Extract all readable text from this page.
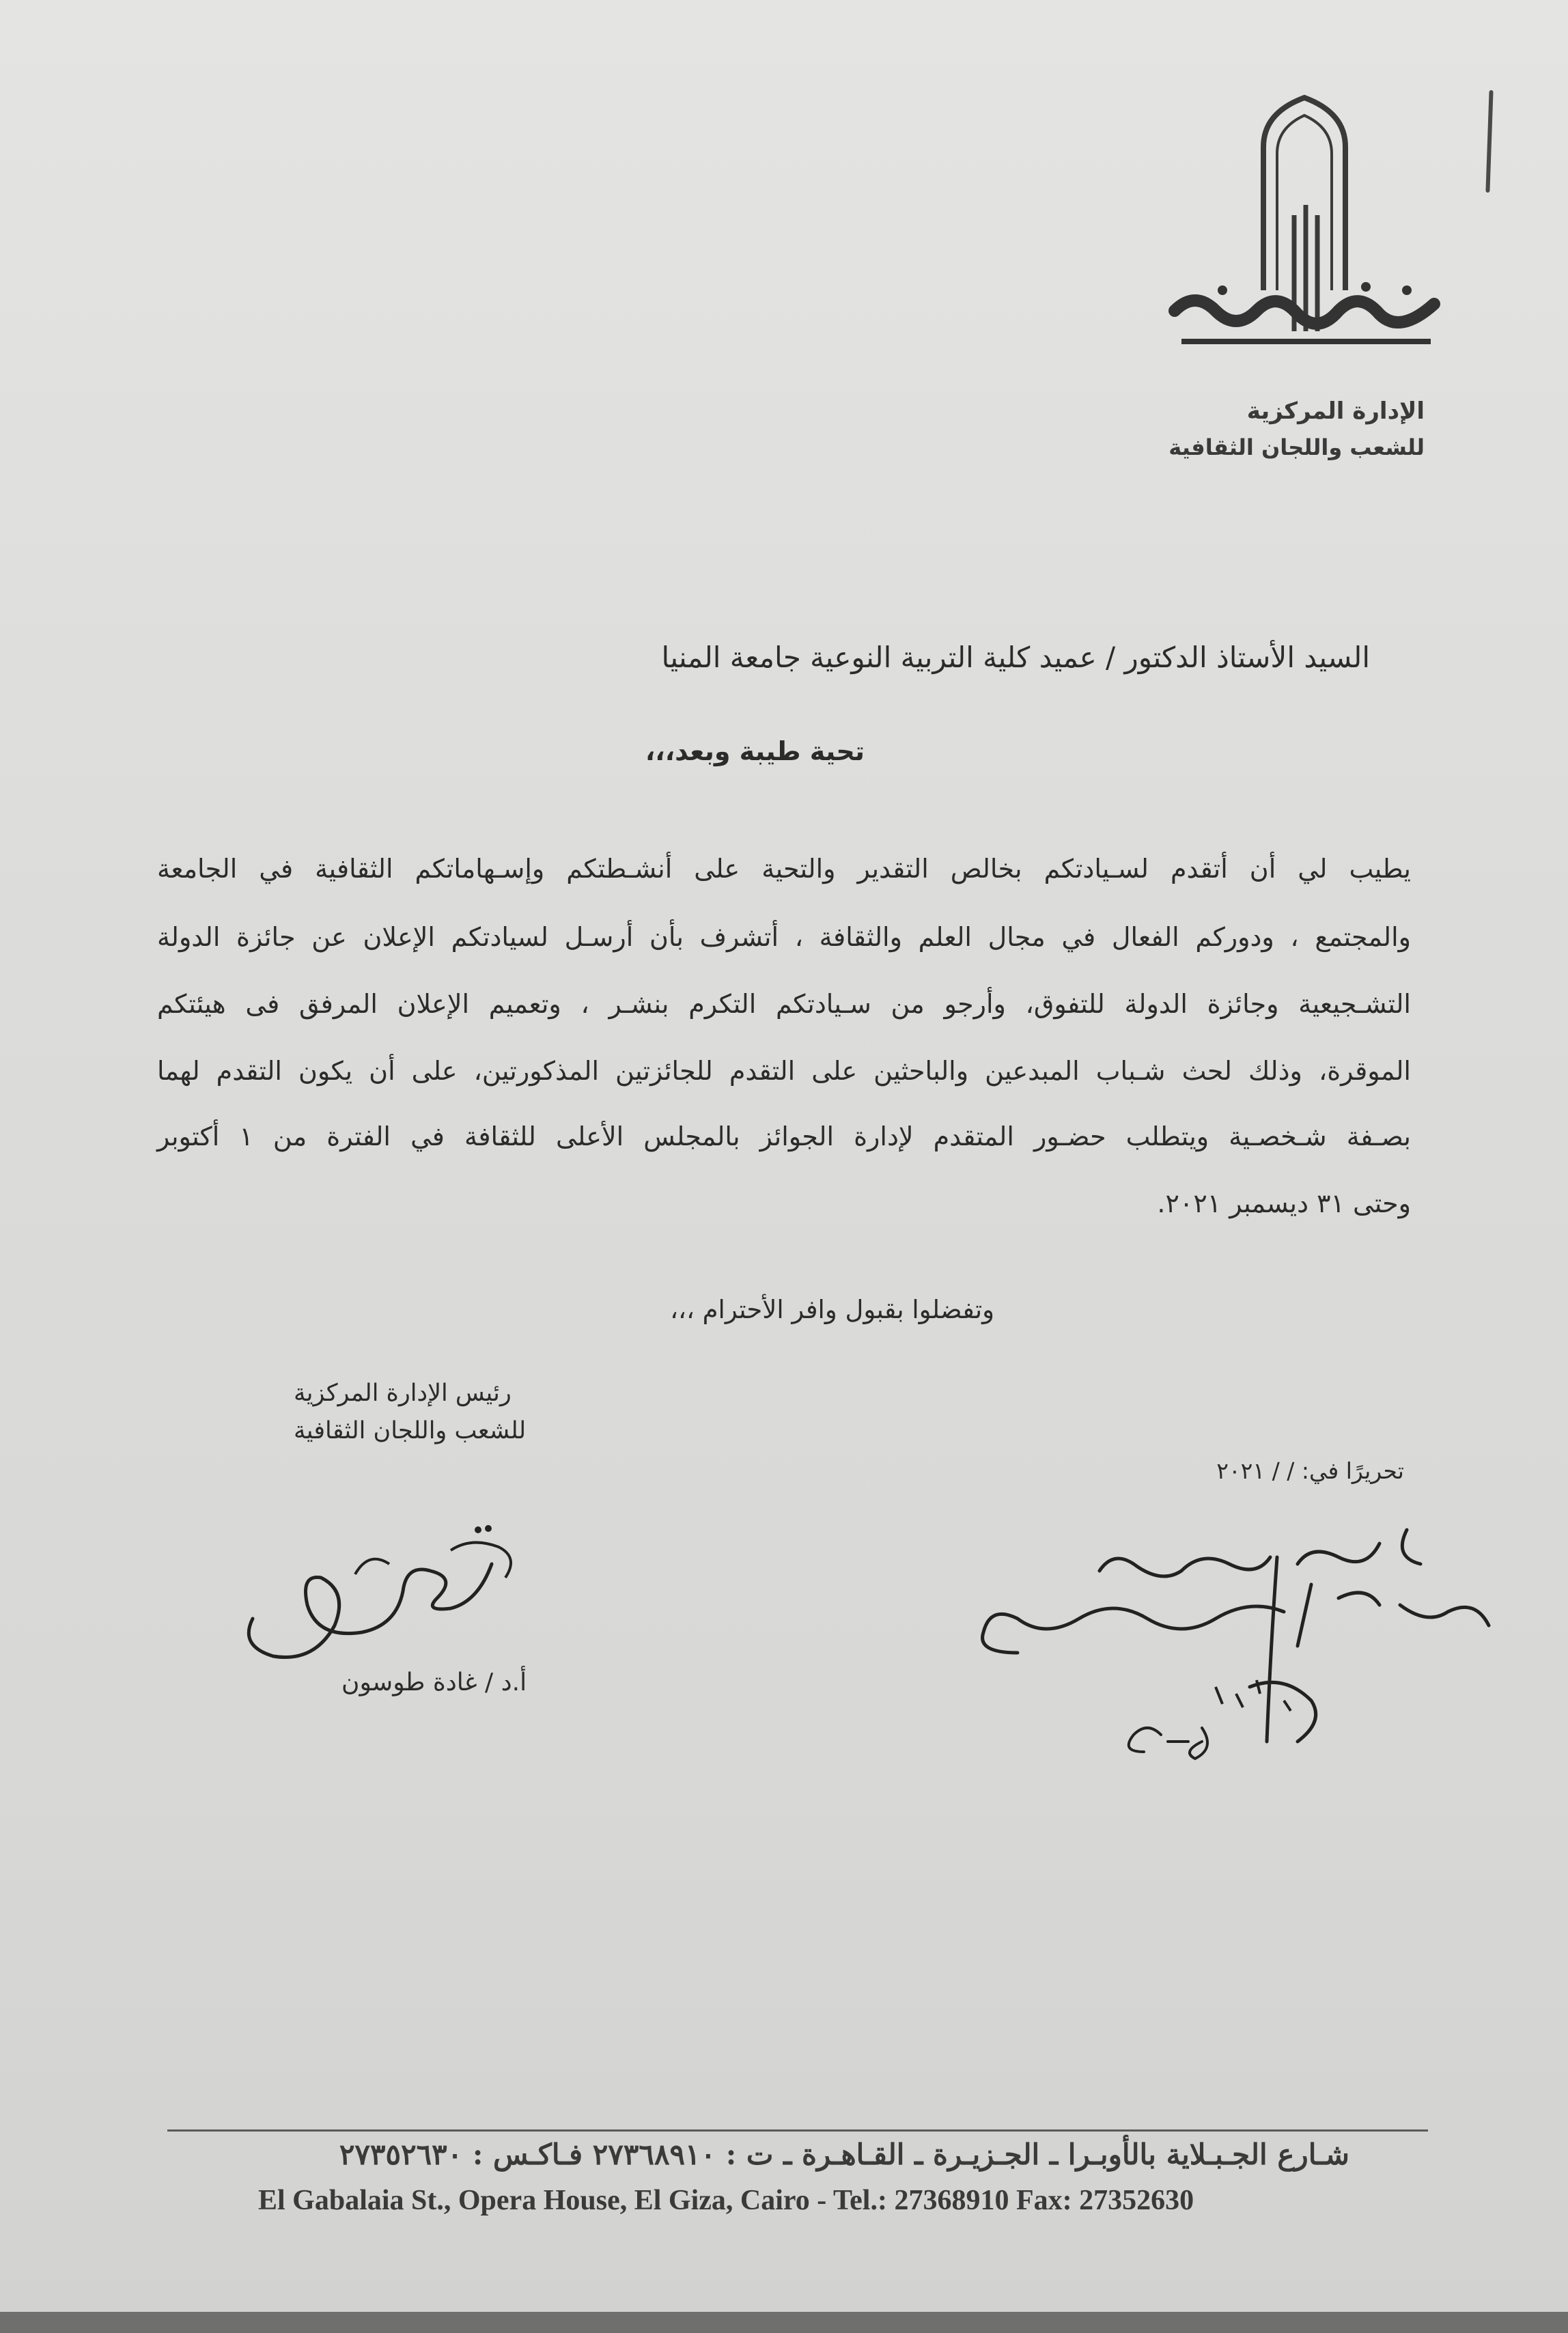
الإدارة المركزية
للشعب واللجان الثقافية
السيد الأستاذ الدكتور / عميد كلية التربية النوعية جامعة المنيا
تحية طيبة وبعد،،،
يطيب لي أن أتقدم لسـيادتكم بخالص التقدير والتحية على أنشـطتكم وإسـهاماتكم الثقافية في الجامعة
والمجتمع ، ودوركم الفعال في مجال العلم والثقافة ، أتشرف بأن أرسـل لسيادتكم الإعلان عن جائزة الدولة
التشـجيعية وجائزة الدولة للتفوق، وأرجو من سـيادتكم التكرم بنشـر ، وتعميم الإعلان المرفق فى هيئتكم
الموقرة، وذلك لحث شـباب المبدعين والباحثين على التقدم للجائزتين المذكورتين، على أن يكون التقدم لهما
بصـفة شـخصـية ويتطلب حضـور المتقدم لإدارة الجوائز بالمجلس الأعلى للثقافة في الفترة من ١ أكتوبر
وحتى ٣١ ديسمبر ٢٠٢١.
وتفضلوا بقبول وافر الأحترام ،،،
رئيس الإدارة المركزية
للشعب واللجان الثقافية
تحريرًا في: / / ٢٠٢١
أ.د / غادة طوسون
شـارع الجـبـلاية بالأوبـرا ـ الجـزيـرة ـ القـاهـرة ـ ت : ٢٧٣٦٨٩١٠ فـاكـس : ٢٧٣٥٢٦٣٠
El Gabalaia St., Opera House, El Giza, Cairo - Tel.: 27368910 Fax: 27352630
